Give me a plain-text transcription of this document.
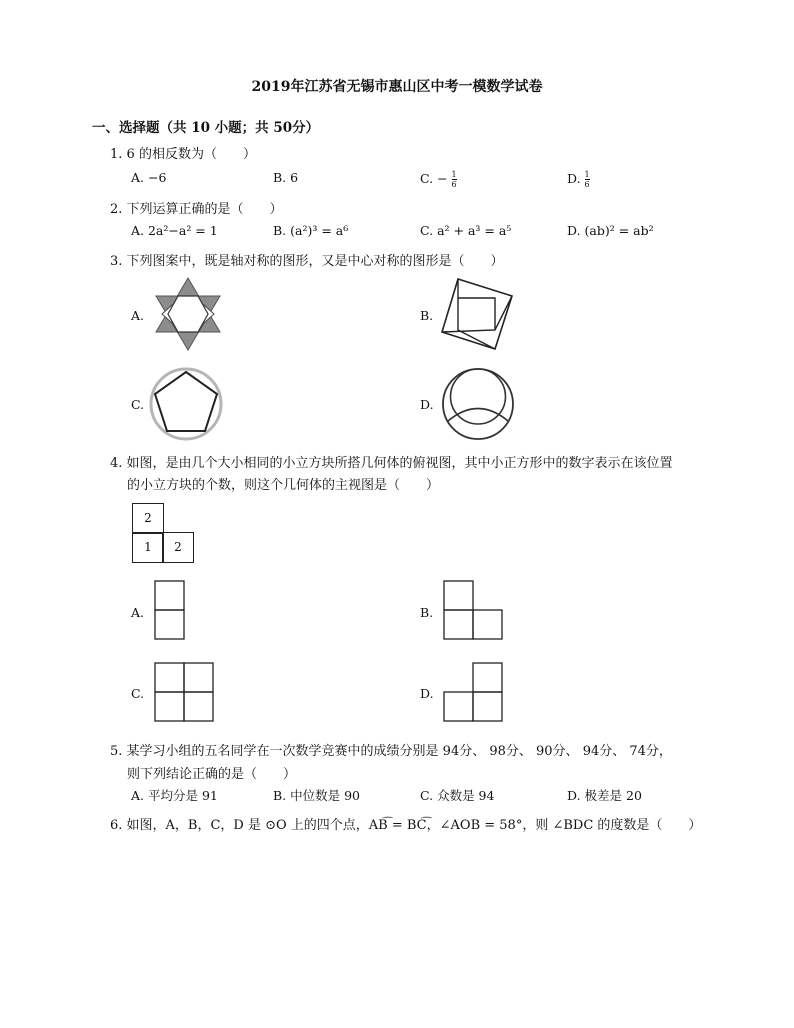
2019年江苏省无锡市惠山区中考一模数学试卷
一、选择题（共 10 小题；共 50分）
1. 6 的相反数为（　　）
A. −6	B. 6	C. − $\frac{1}{6}$	D. $\frac{1}{6}$
2. 下列运算正确的是（　　）
A. 2a²−a² = 1	B. (a²)³ = a⁶	C. a² + a³ = a⁵	D. (ab)² = ab²
3. 下列图案中，既是轴对称的图形，又是中心对称的图形是（　　）
A.	B.
C.	D.
4. 如图，是由几个大小相同的小立方块所搭几何体的俯视图，其中小正方形中的数字表示在该位置
的小立方块的个数，则这个几何体的主视图是（　　）
2
1	2
A.	B.
C.	D.
5. 某学习小组的五名同学在一次数学竞赛中的成绩分别是 94分、 98分、 90分、 94分、 74分，
则下列结论正确的是（　　）
A. 平均分是 91	B. 中位数是 90	C. 众数是 94	D. 极差是 20
6. 如图，A，B，C，D 是 ⊙O 上的四个点，AB͡ = BC͡，∠AOB = 58°，则 ∠BDC 的度数是（　　）
